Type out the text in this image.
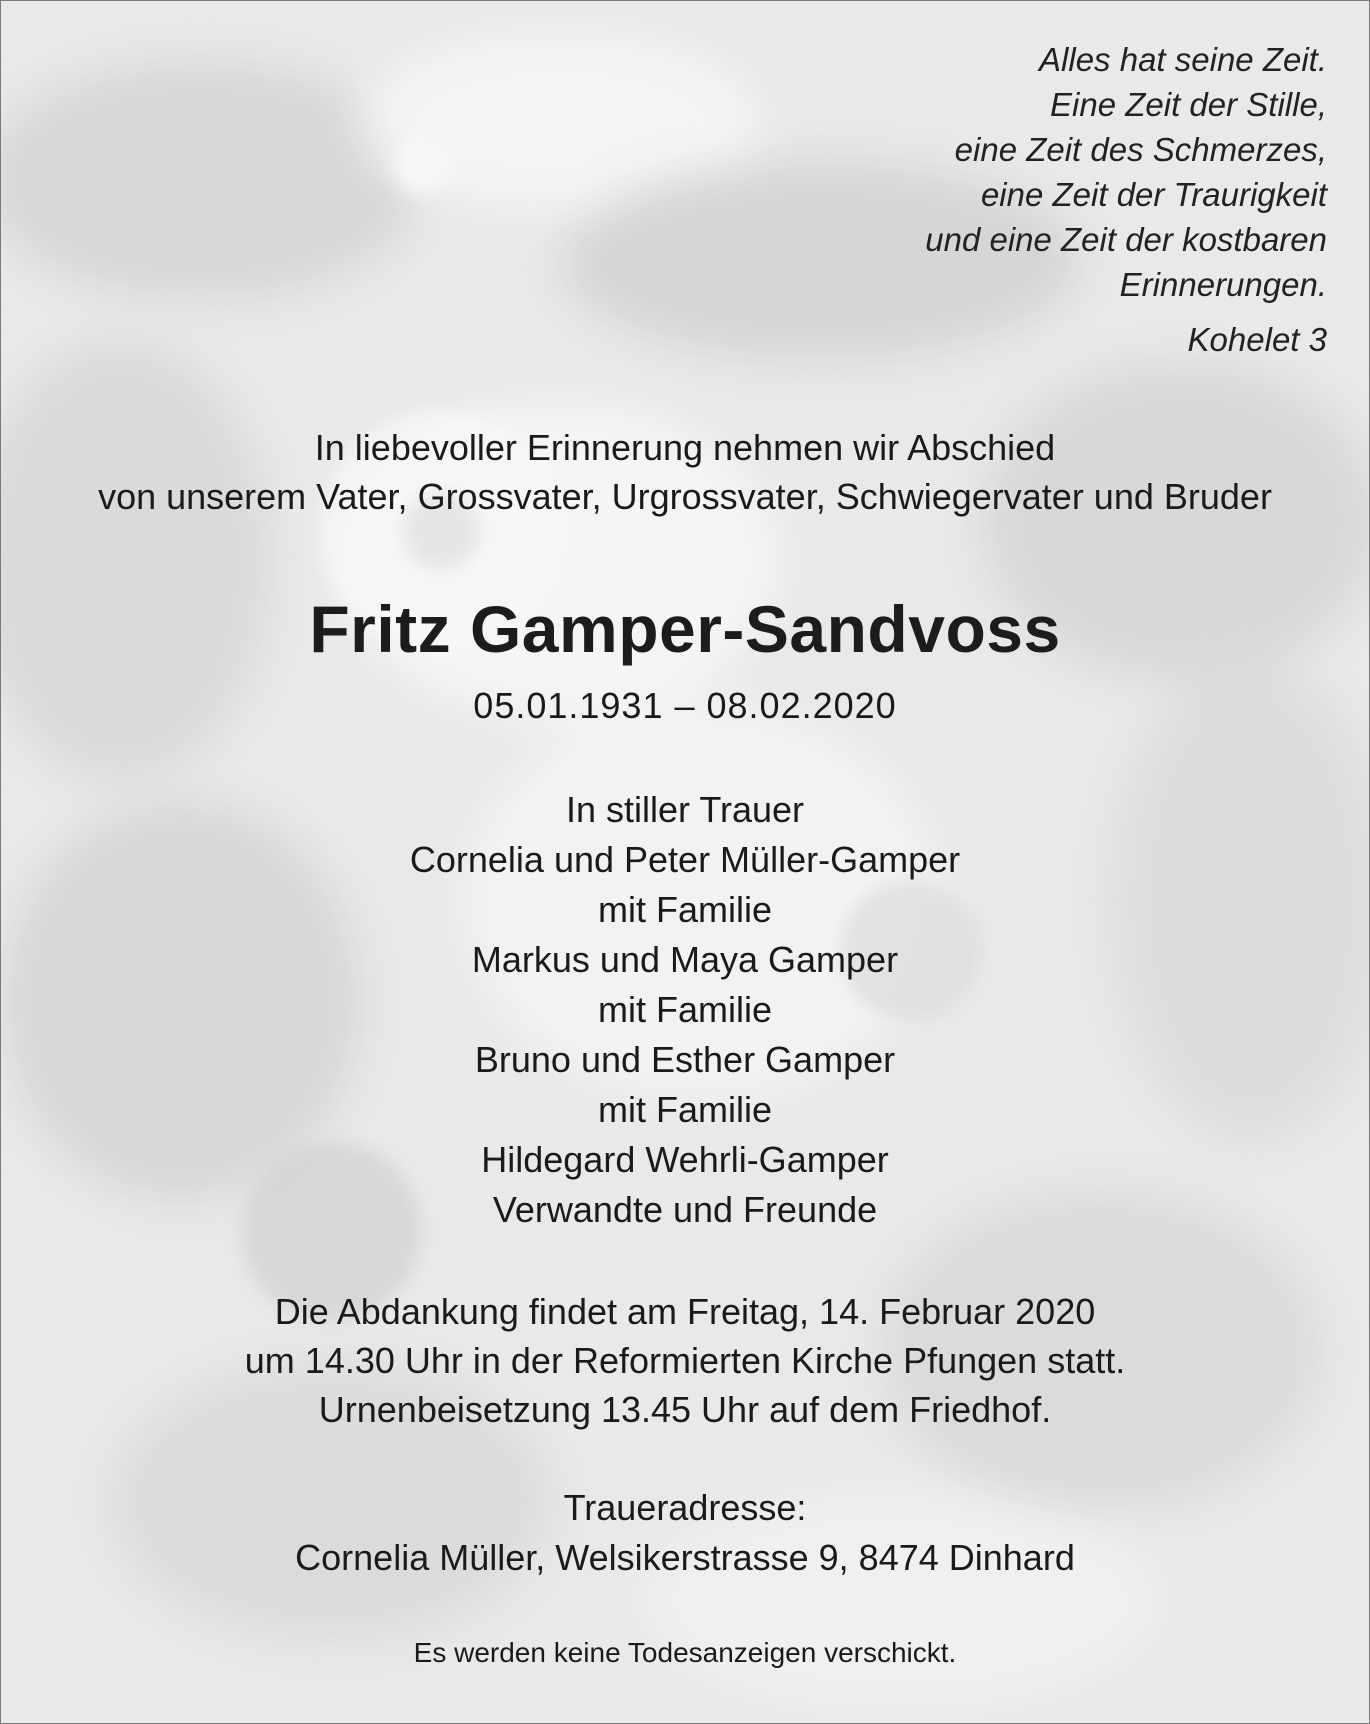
Alles hat seine Zeit.
Eine Zeit der Stille,
eine Zeit des Schmerzes,
eine Zeit der Traurigkeit
und eine Zeit der kostbaren
Erinnerungen.
Kohelet 3
In liebevoller Erinnerung nehmen wir Abschied
von unserem Vater, Grossvater, Urgrossvater, Schwiegervater und Bruder
Fritz Gamper-Sandvoss
05.01.1931 – 08.02.2020
In stiller Trauer
Cornelia und Peter Müller-Gamper
mit Familie
Markus und Maya Gamper
mit Familie
Bruno und Esther Gamper
mit Familie
Hildegard Wehrli-Gamper
Verwandte und Freunde
Die Abdankung findet am Freitag, 14. Februar 2020
um 14.30 Uhr in der Reformierten Kirche Pfungen statt.
Urnenbeisetzung 13.45 Uhr auf dem Friedhof.
Traueradresse:
Cornelia Müller, Welsikerstrasse 9, 8474 Dinhard
Es werden keine Todesanzeigen verschickt.
